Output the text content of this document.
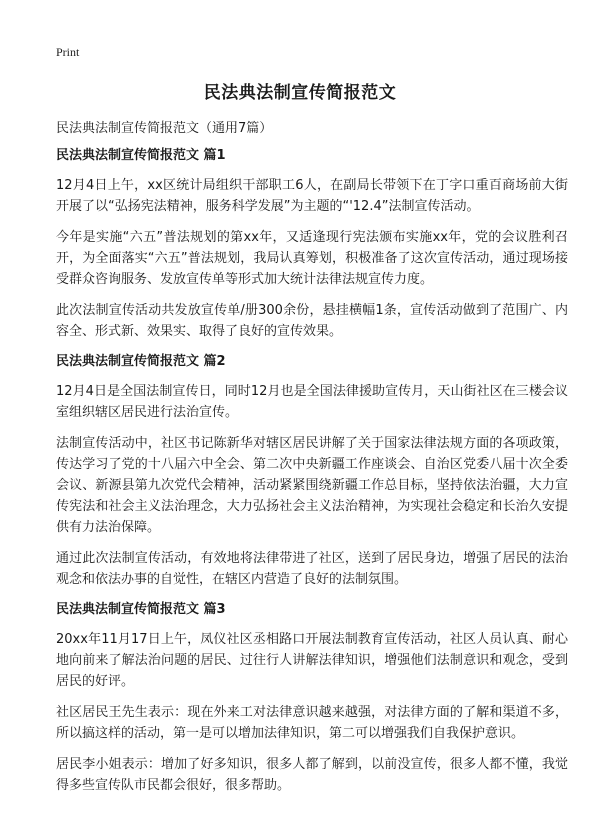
Print
民法典法制宣传简报范文

民法典法制宣传简报范文（通用7篇）

民法典法制宣传简报范文 篇1

12月4日上午，xx区统计局组织干部职工6人，在副局长带领下在丁字口重百商场前大街开展了以“弘扬宪法精神，服务科学发展”为主题的“'12.4”法制宣传活动。

今年是实施“六五”普法规划的第xx年，又适逢现行宪法颁布实施xx年，党的会议胜利召开，为全面落实“六五”普法规划，我局认真筹划，积极准备了这次宣传活动，通过现场接受群众咨询服务、发放宣传单等形式加大统计法律法规宣传力度。

此次法制宣传活动共发放宣传单/册300余份，悬挂横幅1条，宣传活动做到了范围广、内容全、形式新、效果实、取得了良好的宣传效果。

民法典法制宣传简报范文 篇2

12月4日是全国法制宣传日，同时12月也是全国法律援助宣传月，天山街社区在三楼会议室组织辖区居民进行法治宣传。

法制宣传活动中，社区书记陈新华对辖区居民讲解了关于国家法律法规方面的各项政策，传达学习了党的十八届六中全会、第二次中央新疆工作座谈会、自治区党委八届十次全委会议、新源县第九次党代会精神，活动紧紧围绕新疆工作总目标，坚持依法治疆，大力宣传宪法和社会主义法治理念，大力弘扬社会主义法治精神，为实现社会稳定和长治久安提供有力法治保障。

通过此次法制宣传活动，有效地将法律带进了社区，送到了居民身边，增强了居民的法治观念和依法办事的自觉性，在辖区内营造了良好的法制氛围。

民法典法制宣传简报范文 篇3

20xx年11月17日上午，凤仪社区丞相路口开展法制教育宣传活动，社区人员认真、耐心地向前来了解法治问题的居民、过往行人讲解法律知识，增强他们法制意识和观念，受到居民的好评。

社区居民王先生表示：现在外来工对法律意识越来越强，对法律方面的了解和渠道不多，所以搞这样的活动，第一是可以增加法律知识，第二可以增强我们自我保护意识。

居民李小姐表示：增加了好多知识，很多人都了解到，以前没宣传，很多人都不懂，我觉得多些宣传队市民都会很好，很多帮助。
